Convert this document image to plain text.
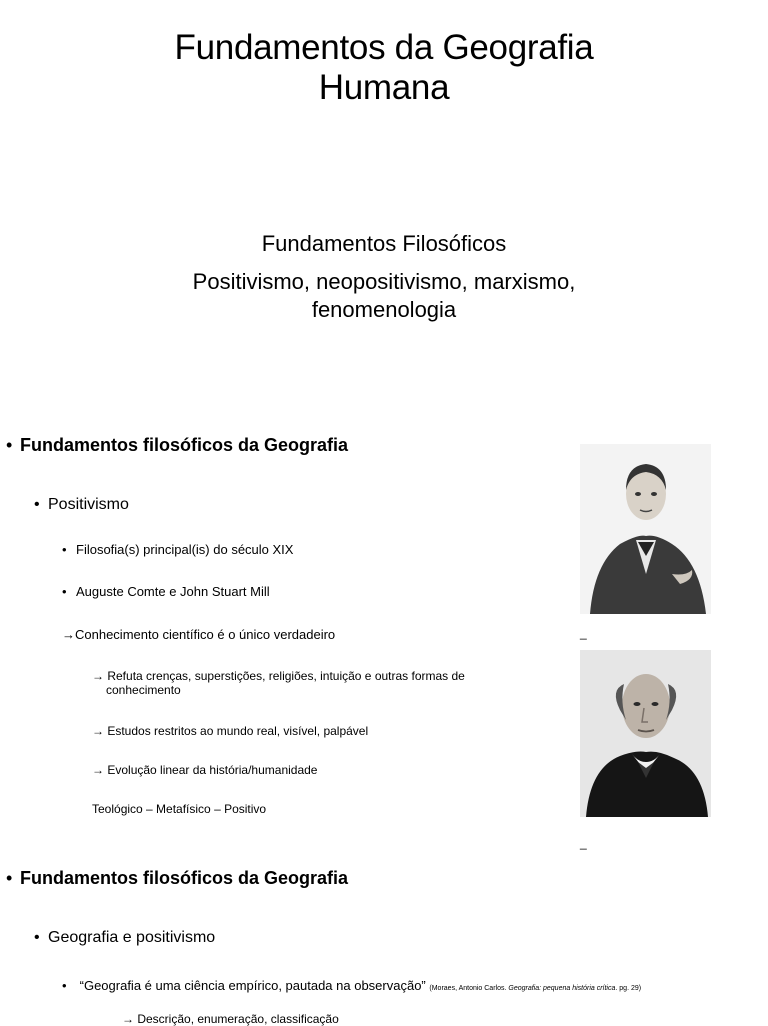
Fundamentos da Geografia
Humana
Fundamentos Filosóficos
Positivismo, neopositivismo, marxismo,
fenomenologia
• Fundamentos filosóficos da Geografia
• Positivismo
• Filosofia(s) principal(is) do século XIX
• Auguste Comte e John Stuart Mill
→Conhecimento científico é o único verdadeiro
→ Refuta crenças, superstições, religiões, intuição e outras formas de
conhecimento
→ Estudos restritos ao mundo real, visível, palpável
→ Evolução linear da história/humanidade
Teológico – Metafísico – Positivo
_
_
• Fundamentos filosóficos da Geografia
• Geografia e positivismo
• “Geografia é uma ciência empírico, pautada na observação” (Moraes, Antonio Carlos. Geografia: pequena história crítica. pg. 29)
→ Descrição, enumeração, classificação
